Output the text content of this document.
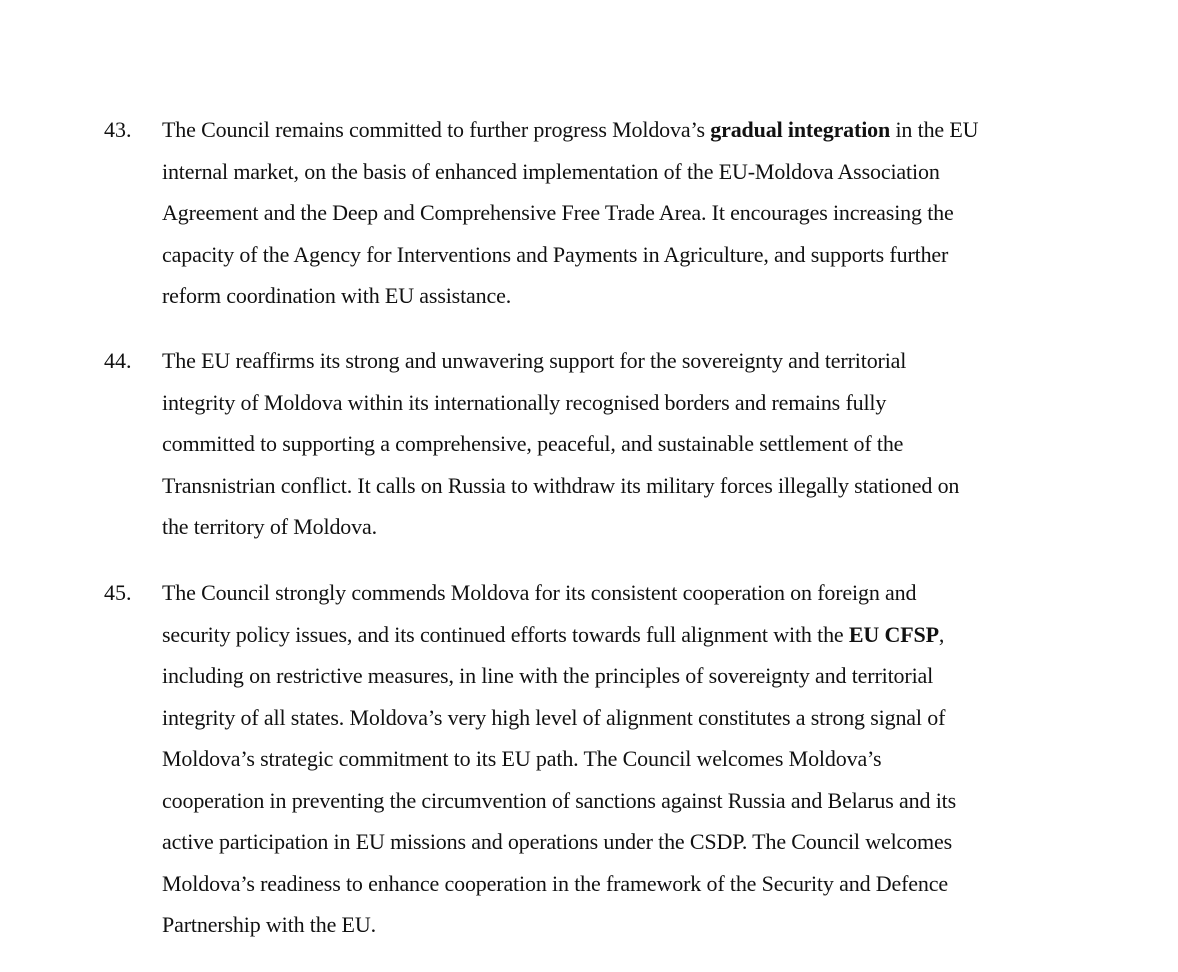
43. The Council remains committed to further progress Moldova’s gradual integration in the EU
internal market, on the basis of enhanced implementation of the EU-Moldova Association
Agreement and the Deep and Comprehensive Free Trade Area. It encourages increasing the
capacity of the Agency for Interventions and Payments in Agriculture, and supports further
reform coordination with EU assistance.
44. The EU reaffirms its strong and unwavering support for the sovereignty and territorial
integrity of Moldova within its internationally recognised borders and remains fully
committed to supporting a comprehensive, peaceful, and sustainable settlement of the
Transnistrian conflict. It calls on Russia to withdraw its military forces illegally stationed on
the territory of Moldova.
45. The Council strongly commends Moldova for its consistent cooperation on foreign and
security policy issues, and its continued efforts towards full alignment with the EU CFSP,
including on restrictive measures, in line with the principles of sovereignty and territorial
integrity of all states. Moldova’s very high level of alignment constitutes a strong signal of
Moldova’s strategic commitment to its EU path. The Council welcomes Moldova’s
cooperation in preventing the circumvention of sanctions against Russia and Belarus and its
active participation in EU missions and operations under the CSDP. The Council welcomes
Moldova’s readiness to enhance cooperation in the framework of the Security and Defence
Partnership with the EU.
